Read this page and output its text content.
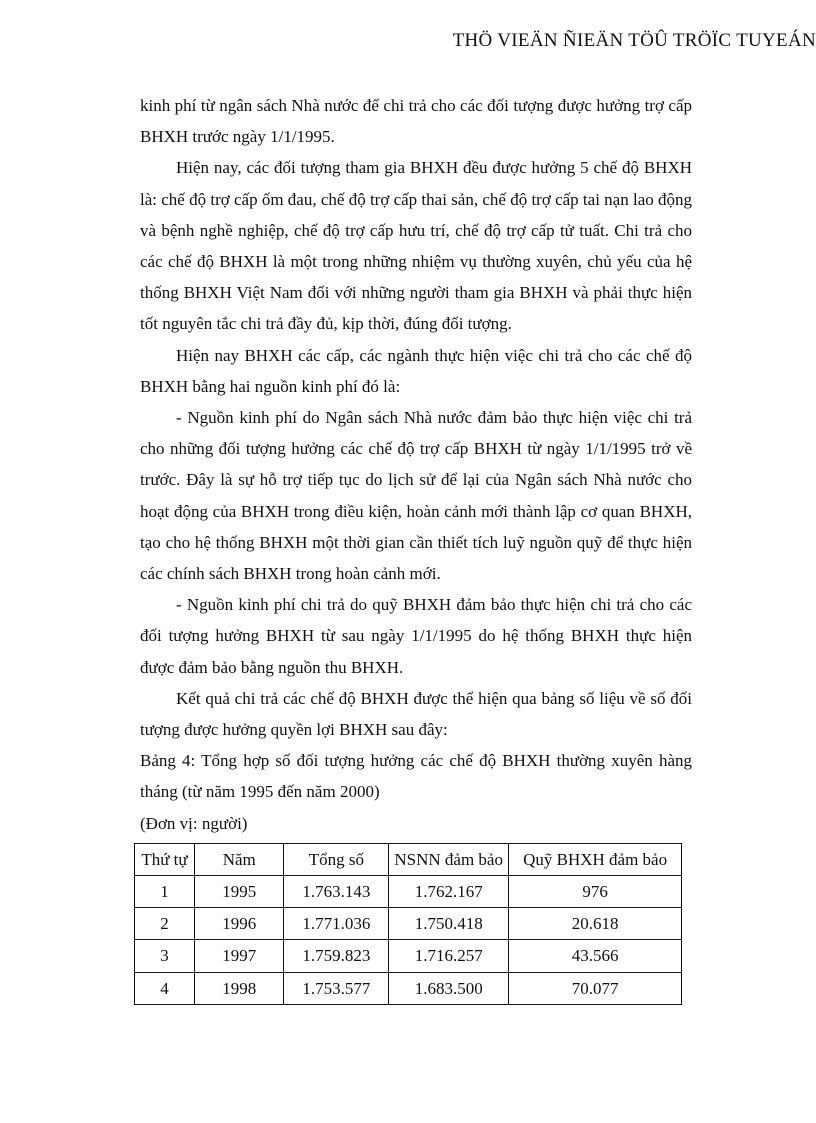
THÖ VIEÄN ÑIEÄN TÖÛ TRÖÏC TUYEÁN

kinh phí từ ngân sách Nhà nước để chi trả cho các đối tượng được hưởng trợ cấp BHXH trước ngày 1/1/1995.

Hiện nay, các đối tượng tham gia BHXH đều được hưởng 5 chế độ BHXH là: chế độ trợ cấp ốm đau, chế độ trợ cấp thai sản, chế độ trợ cấp tai nạn lao động và bệnh nghề nghiệp, chế độ trợ cấp hưu trí, chế độ trợ cấp tử tuất. Chi trả cho các chế độ BHXH là một trong những nhiệm vụ thường xuyên, chủ yếu của hệ thống BHXH Việt Nam đối với những người tham gia BHXH và phải thực hiện tốt nguyên tắc chi trả đầy đủ, kịp thời, đúng đối tượng.

Hiện nay BHXH các cấp, các ngành thực hiện việc chi trả cho các chế độ BHXH bằng hai nguồn kinh phí đó là:

- Nguồn kinh phí do Ngân sách Nhà nước đảm bảo thực hiện việc chi trả cho những đối tượng hưởng các chế độ trợ cấp BHXH từ ngày 1/1/1995 trở về trước. Đây là sự hỗ trợ tiếp tục do lịch sử để lại của Ngân sách Nhà nước cho hoạt động của BHXH trong điều kiện, hoàn cảnh mới thành lập cơ quan BHXH, tạo cho hệ thống BHXH một thời gian cần thiết tích luỹ nguồn quỹ để thực hiện các chính sách BHXH trong hoàn cảnh mới.

- Nguồn kinh phí chi trả do quỹ BHXH đảm bảo thực hiện chi trả cho các đối tượng hưởng BHXH từ sau ngày 1/1/1995 do hệ thống BHXH thực hiện được đảm bảo bằng nguồn thu BHXH.

Kết quả chi trả các chế độ BHXH được thể hiện qua bảng số liệu về số đối tượng được hưởng quyền lợi BHXH sau đây:

Bảng 4: Tổng hợp số đối tượng hưởng các chế độ BHXH thường xuyên hàng tháng (từ năm 1995 đến năm 2000)

(Đơn vị: người)

Thứ tự	Năm	Tổng số	NSNN đảm bảo	Quỹ BHXH đảm bảo
1	1995	1.763.143	1.762.167	976
2	1996	1.771.036	1.750.418	20.618
3	1997	1.759.823	1.716.257	43.566
4	1998	1.753.577	1.683.500	70.077
